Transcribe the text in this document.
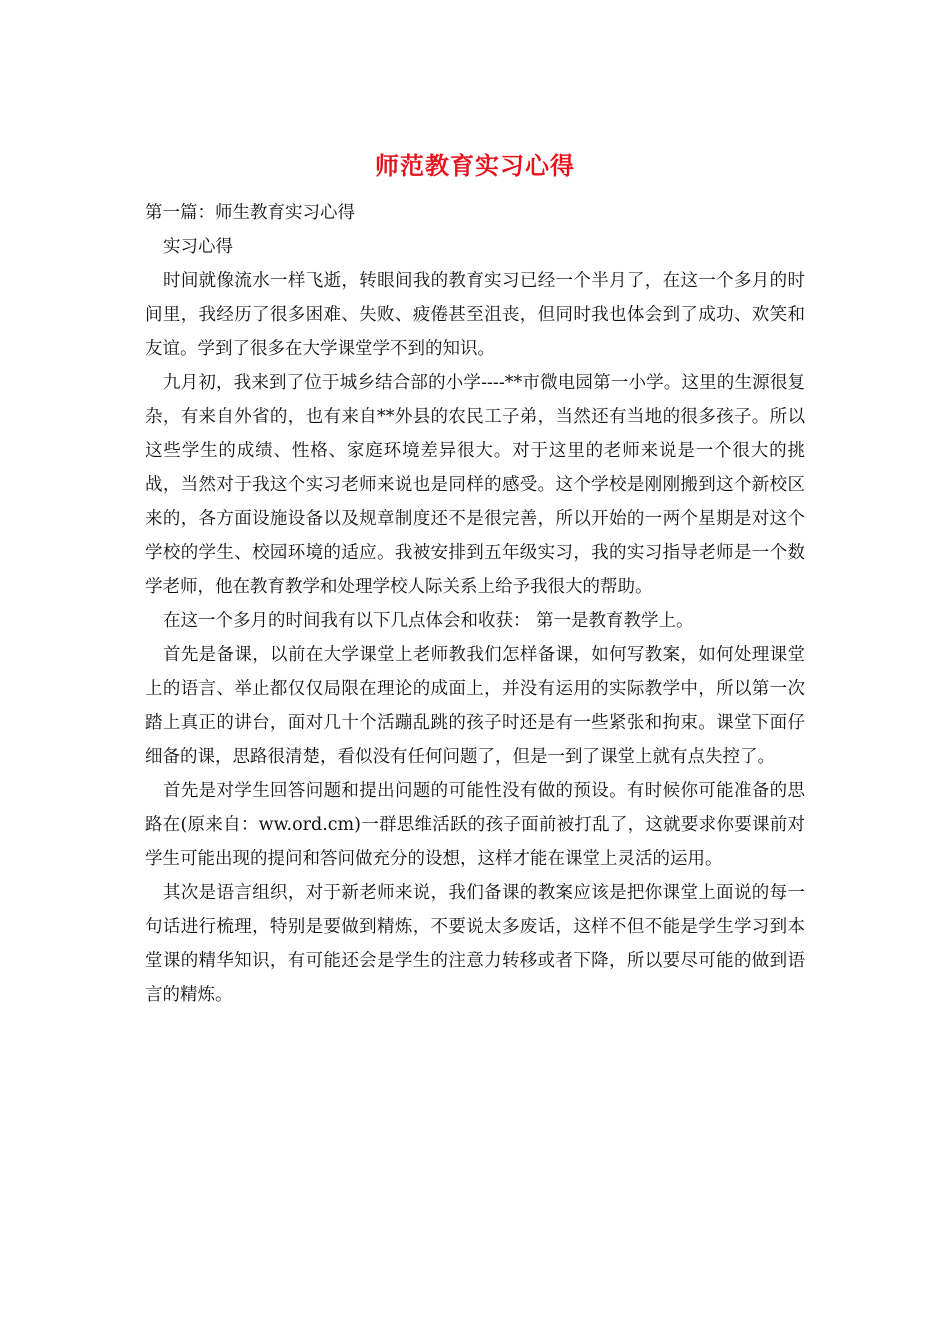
师范教育实习心得

第一篇：师生教育实习心得

实习心得

时间就像流水一样飞逝，转眼间我的教育实习已经一个半月了，在这一个多月的时间里，我经历了很多困难、失败、疲倦甚至沮丧，但同时我也体会到了成功、欢笑和友谊。学到了很多在大学课堂学不到的知识。

九月初，我来到了位于城乡结合部的小学----**市微电园第一小学。这里的生源很复杂，有来自外省的，也有来自**外县的农民工子弟，当然还有当地的很多孩子。所以这些学生的成绩、性格、家庭环境差异很大。对于这里的老师来说是一个很大的挑战，当然对于我这个实习老师来说也是同样的感受。这个学校是刚刚搬到这个新校区来的，各方面设施设备以及规章制度还不是很完善，所以开始的一两个星期是对这个学校的学生、校园环境的适应。我被安排到五年级实习，我的实习指导老师是一个数学老师，他在教育教学和处理学校人际关系上给予我很大的帮助。

在这一个多月的时间我有以下几点体会和收获： 第一是教育教学上。

首先是备课，以前在大学课堂上老师教我们怎样备课，如何写教案，如何处理课堂上的语言、举止都仅仅局限在理论的成面上，并没有运用的实际教学中，所以第一次踏上真正的讲台，面对几十个活蹦乱跳的孩子时还是有一些紧张和拘束。课堂下面仔细备的课，思路很清楚，看似没有任何问题了，但是一到了课堂上就有点失控了。

首先是对学生回答问题和提出问题的可能性没有做的预设。有时候你可能准备的思路在(原来自：ww.ord.cm)一群思维活跃的孩子面前被打乱了，这就要求你要课前对学生可能出现的提问和答问做充分的设想，这样才能在课堂上灵活的运用。

其次是语言组织，对于新老师来说，我们备课的教案应该是把你课堂上面说的每一句话进行梳理，特别是要做到精炼，不要说太多废话，这样不但不能是学生学习到本堂课的精华知识，有可能还会是学生的注意力转移或者下降，所以要尽可能的做到语言的精炼。
